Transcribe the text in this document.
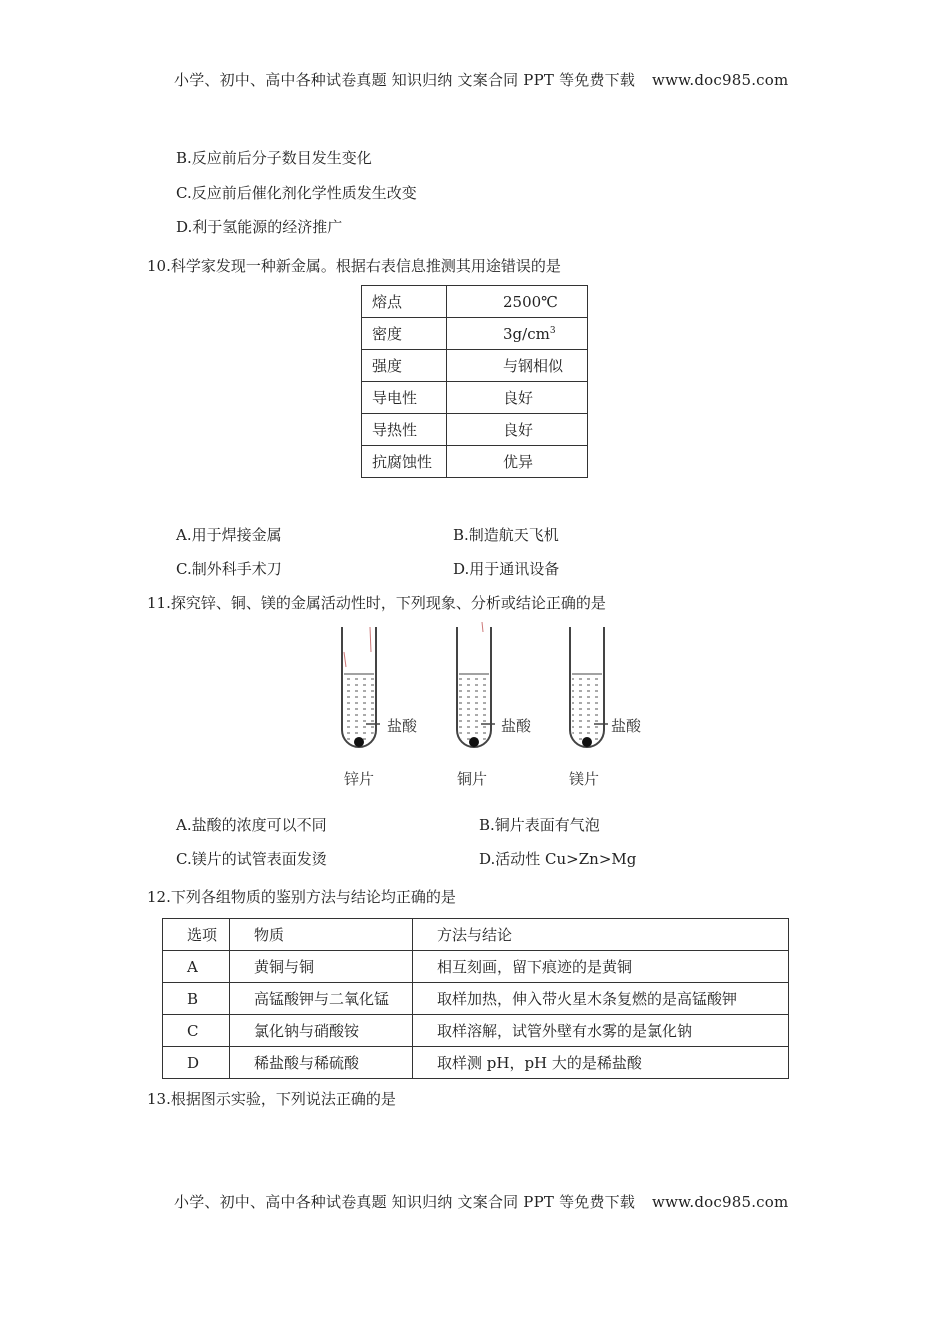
小学、初中、高中各种试卷真题 知识归纳 文案合同 PPT 等免费下载 www.doc985.com
B.反应前后分子数目发生变化
C.反应前后催化剂化学性质发生改变
D.利于氢能源的经济推广
10.科学家发现一种新金属。根据右表信息推测其用途错误的是
熔点	2500℃
密度	$3g/cm^3$
强度	与钢相似
导电性	良好
导热性	良好
抗腐蚀性	优异
A.用于焊接金属	B.制造航天飞机
C.制外科手术刀	D.用于通讯设备
11.探究锌、铜、镁的金属活动性时，下列现象、分析或结论正确的是
盐酸	盐酸	盐酸
锌片	铜片	镁片
A.盐酸的浓度可以不同	B.铜片表面有气泡
C.镁片的试管表面发烫	D.活动性 Cu>Zn>Mg
12.下列各组物质的鉴别方法与结论均正确的是
选项	物质	方法与结论
A	黄铜与铜	相互刻画，留下痕迹的是黄铜
B	高锰酸钾与二氧化锰	取样加热，伸入带火星木条复燃的是高锰酸钾
C	氯化钠与硝酸铵	取样溶解，试管外壁有水雾的是氯化钠
D	稀盐酸与稀硫酸	取样测 pH，pH 大的是稀盐酸
13.根据图示实验，下列说法正确的是
小学、初中、高中各种试卷真题 知识归纳 文案合同 PPT 等免费下载 www.doc985.com
